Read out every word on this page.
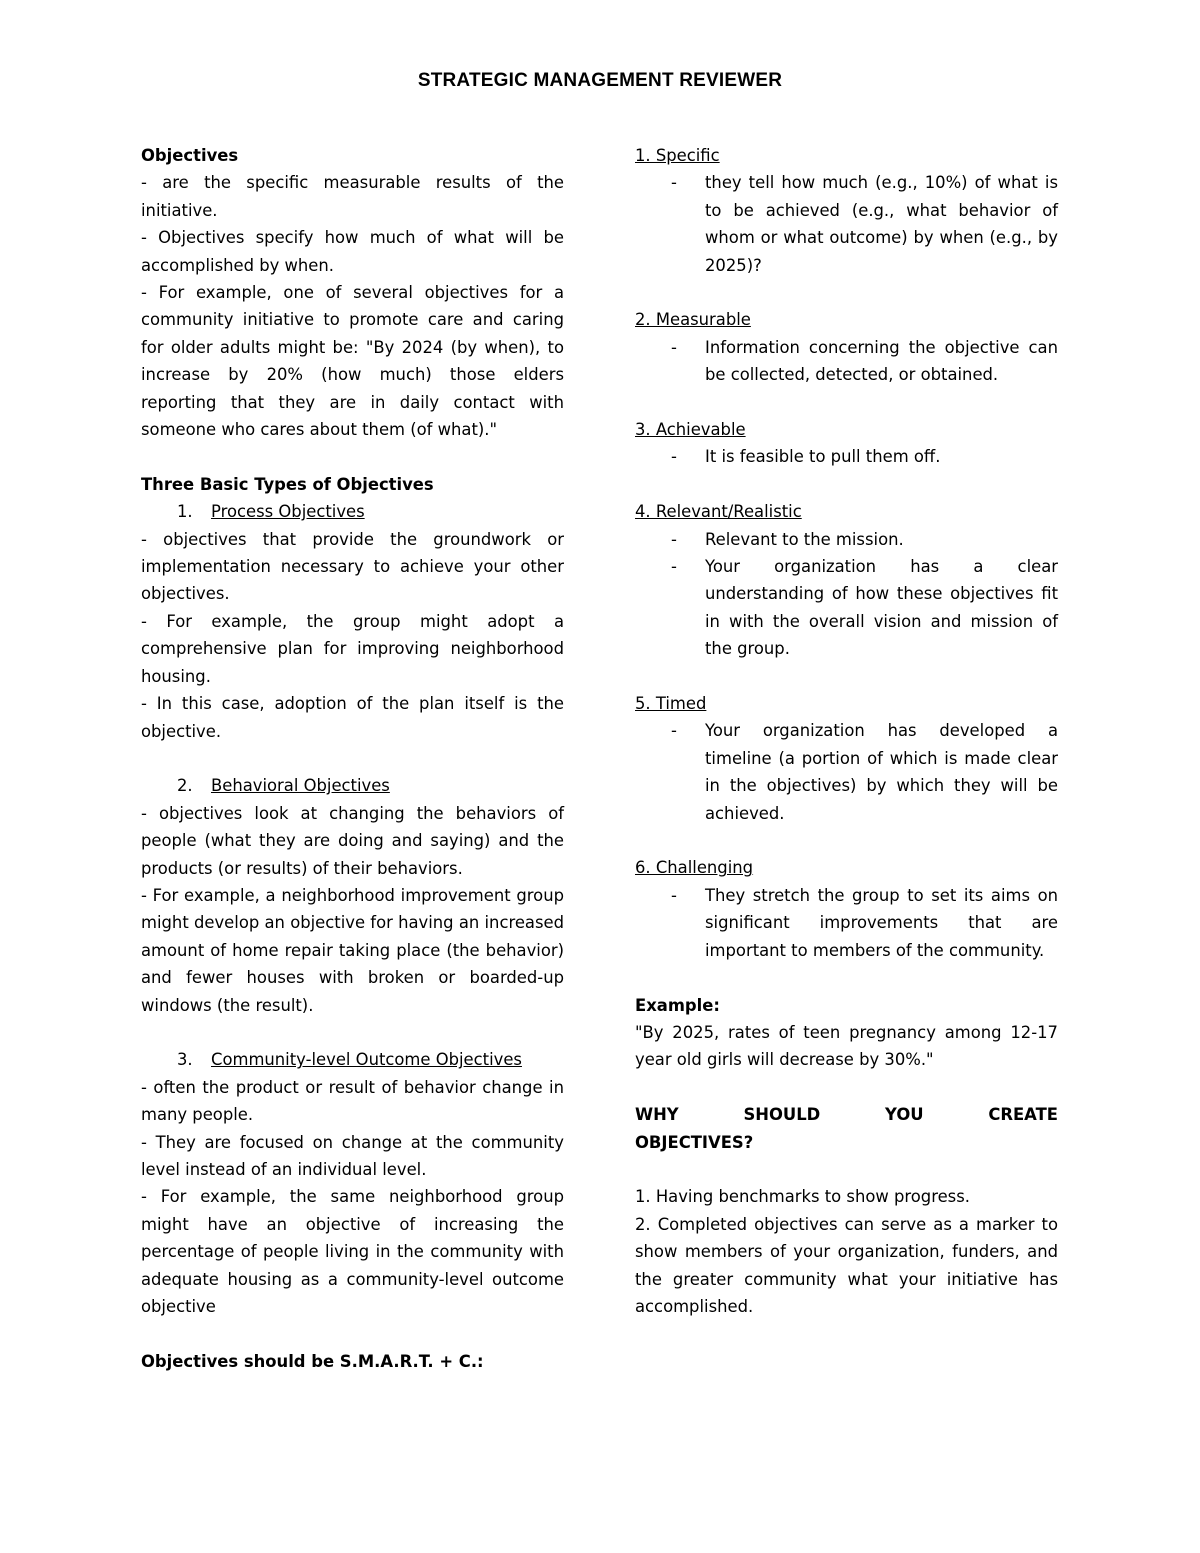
STRATEGIC MANAGEMENT REVIEWER

Objectives

- are the specific measurable results of the initiative.

- Objectives specify how much of what will be accomplished by when.

- For example, one of several objectives for a community initiative to promote care and caring for older adults might be: "By 2024 (by when), to increase by 20% (how much) those elders reporting that they are in daily contact with someone who cares about them (of what)."

Three Basic Types of Objectives

1.	Process Objectives

- objectives that provide the groundwork or implementation necessary to achieve your other objectives.

- For example, the group might adopt a comprehensive plan for improving neighborhood housing.

- In this case, adoption of the plan itself is the objective.

2.	Behavioral Objectives

- objectives look at changing the behaviors of people (what they are doing and saying) and the products (or results) of their behaviors.

- For example, a neighborhood improvement group might develop an objective for having an increased amount of home repair taking place (the behavior) and fewer houses with broken or boarded-up windows (the result).

3.	Community-level Outcome Objectives

- often the product or result of behavior change in many people.

- They are focused on change at the community level instead of an individual level.

- For example, the same neighborhood group might have an objective of increasing the percentage of people living in the community with adequate housing as a community-level outcome objective

Objectives should be S.M.A.R.T. + C.:

1. Specific

- they tell how much (e.g., 10%) of what is to be achieved (e.g., what behavior of whom or what outcome) by when (e.g., by 2025)?

2. Measurable

- Information concerning the objective can be collected, detected, or obtained.

3. Achievable

- It is feasible to pull them off.

4. Relevant/Realistic

- Relevant to the mission.
- Your organization has a clear understanding of how these objectives fit in with the overall vision and mission of the group.

5. Timed

- Your organization has developed a timeline (a portion of which is made clear in the objectives) by which they will be achieved.

6. Challenging

- They stretch the group to set its aims on significant improvements that are important to members of the community.

Example:

"By 2025, rates of teen pregnancy among 12-17 year old girls will decrease by 30%."

WHY	SHOULD	YOU	CREATE

OBJECTIVES?

1. Having benchmarks to show progress.

2. Completed objectives can serve as a marker to show members of your organization, funders, and the greater community what your initiative has accomplished.
